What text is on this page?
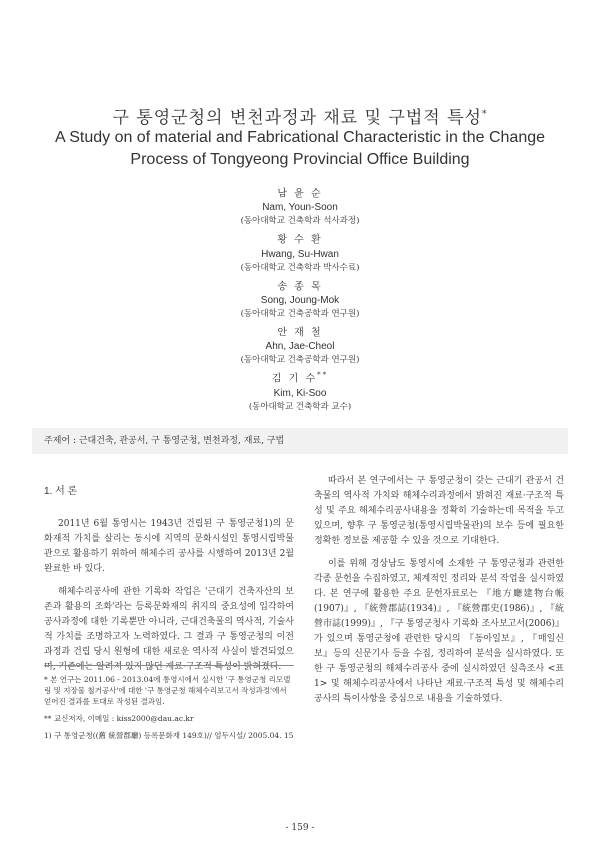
구 통영군청의 변천과정과 재료 및 구법적 특성*
A Study on of material and Fabricational Characteristic in the Change Process of Tongyeong Provincial Office Building
남 윤 순
Nam, Youn-Soon
(동아대학교 건축학과 석사과정)
황 수 환
Hwang, Su-Hwan
(동아대학교 건축학과 박사수료)
송 종 목
Song, Joung-Mok
(동아대학교 건축공학과 연구원)
안 재 철
Ahn, Jae-Cheol
(동아대학교 건축공학과 연구원)
김 기 수**
Kim, Ki-Soo
(동아대학교 건축학과 교수)
주제어 : 근대건축, 관공서, 구 통영군청, 변천과정, 재료, 구법
1. 서 론

2011년 6월 통영시는 1943년 건립된 구 통영군청1)의 문화재적 가치를 살리는 동시에 지역의 문화시설인 통영시립박물관으로 활용하기 위하여 해체수리 공사를 시행하여 2013년 2월 완료한 바 있다.

해체수리공사에 관한 기록화 작업은 '근대기 건축자산의 보존과 활용의 조화'라는 등록문화재의 취지의 중요성에 입각하여 공사과정에 대한 기록뿐만 아니라, 근대건축물의 역사적, 기술사적 가치를 조명하고자 노력하였다. 그 결과 구 통영군청의 이전과정과 건립 당시 원형에 대한 새로운 역사적 사실이 발견되었으며, 기존에는 알려져 있지 않던 재료·구조적 특성이 밝혀졌다.

따라서 본 연구에서는 구 통영군청이 갖는 근대기 관공서 건축물의 역사적 가치와 해체수리과정에서 밝혀진 재료·구조적 특성 및 주요 해체수리공사내용을 정확히 기술하는데 목적을 두고 있으며, 향후 구 통영군청(통영시립박물관)의 보수 등에 필요한 정확한 정보를 제공할 수 있을 것으로 기대한다.

이를 위해 경상남도 통영시에 소재한 구 통영군청과 관련한 각종 문헌을 수집하였고, 체계적인 정리와 분석 작업을 실시하였다. 본 연구에 활용한 주요 문헌자료로는 『地方廳建物台帳(1907)』, 『統營郡誌(1934)』, 『統營郡史(1986)』, 『統營市誌(1999)』, 『구 통영군청사 기록화 조사보고서(2006)』가 있으며 통영군청에 관련한 당시의 『동아일보』, 『매일신보』등의 신문기사 등을 수집, 정리하여 분석을 실시하였다. 또한 구 통영군청의 해체수리공사 중에 실시하였던 실측조사 <표 1> 및 해체수리공사에서 나타난 재료·구조적 특성 및 해체수리공사의 특이사항을 중심으로 내용을 기술하였다.

* 본 연구는 2011.06 - 2013.04에 통영시에서 실시한 '구 통영군청 리모델링 및 지장물 철거공사'에 대한 '구 통영군청 해체수리보고서 작성과정'에서 얻어진 결과를 토대로 작성된 결과임.
** 교신저자, 이메일 : kiss2000@dau.ac.kr
1) 구 통영군청((舊 統營郡廳) 등록문화재 149호)// 엄두시설/ 2005.04. 15
- 159 -
